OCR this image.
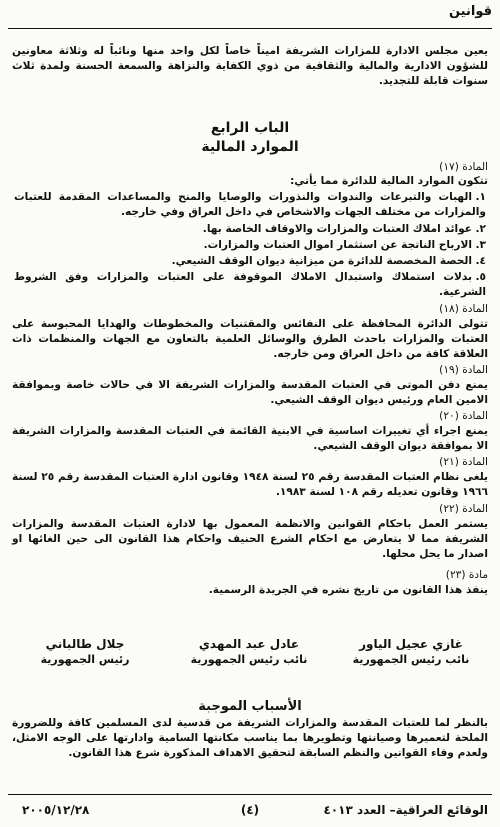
قوانين
يعين مجلس الادارة للمزارات الشريفة اميناً خاصاً لكل واحد منها ونائباً له وثلاثة معاونين للشؤون الادارية والمالية والثقافية من ذوي الكفاية والنزاهة والسمعة الحسنة ولمدة ثلاث سنوات قابلة للتجديد.
الباب الرابع
الموارد المالية
المادة (١٧)
تتكون الموارد المالية للدائرة مما يأتي:
١.الهبات والتبرعات والندوات والنذورات والوصايا والمنح والمساعدات المقدمة للعتبات والمزارات من مختلف الجهات والاشخاص في داخل العراق وفي خارجه.
٢.عوائد املاك العتبات والمزارات والاوقاف الخاصة بها.
٣.الارباح الناتجة عن استثمار اموال العتبات والمزارات.
٤.الحصة المخصصة للدائرة من ميزانية ديوان الوقف الشيعي.
٥.بدلات استملاك واستبدال الاملاك الموقوفة على العتبات والمزارات وفق الشروط الشرعية.
المادة (١٨)
تتولى الدائرة المحافظة على النفائس والمقتنيات والمخطوطات والهدايا المحبوسة على العتبات والمزارات باحدث الطرق والوسائل العلمية بالتعاون مع الجهات والمنظمات ذات العلاقة كافة من داخل العراق ومن خارجه.
المادة (١٩)
يمنع دفن الموتى في العتبات المقدسة والمزارات الشريفة الا في حالات خاصة وبموافقة الامين العام ورئيس ديوان الوقف الشيعي.
المادة (٢٠)
يمنع اجراء أي تغييرات اساسية في الابنية القائمة في العتبات المقدسة والمزارات الشريفة الا بموافقة ديوان الوقف الشيعي.
المادة (٢١)
يلغى نظام العتبات المقدسة رقم ٢٥ لسنة ١٩٤٨ وقانون ادارة العتبات المقدسة رقم ٢٥ لسنة ١٩٦٦ وقانون تعديله رقم ١٠٨ لسنة ١٩٨٣.
المادة (٢٢)
يستمر العمل باحكام القوانين والانظمة المعمول بها لادارة العتبات المقدسة والمزارات الشريفة مما لا يتعارض مع احكام الشرع الحنيف واحكام هذا القانون الى حين الغائها او اصدار ما يحل محلها.
مادة (٢٣)
ينفذ هذا القانون من تاريخ نشره في الجريدة الرسمية.
غازي عجيل الياور
نائب رئيس الجمهورية
عادل عبد المهدي
نائب رئيس الجمهورية
جلال طالباني
رئيس الجمهورية
الأسباب الموجبة
بالنظر لما للعتبات المقدسة والمزارات الشريفة من قدسية لدى المسلمين كافة وللضرورة الملحة لتعميرها وصيانتها وتطويرها بما يناسب مكانتها السامية وادارتها على الوجه الامثل، ولعدم وفاء القوانين والنظم السابقة لتحقيق الاهداف المذكورة شرع هذا القانون.
الوقائع العراقية– العدد ٤٠١٣
(٤)
٢٠٠٥/١٢/٢٨
